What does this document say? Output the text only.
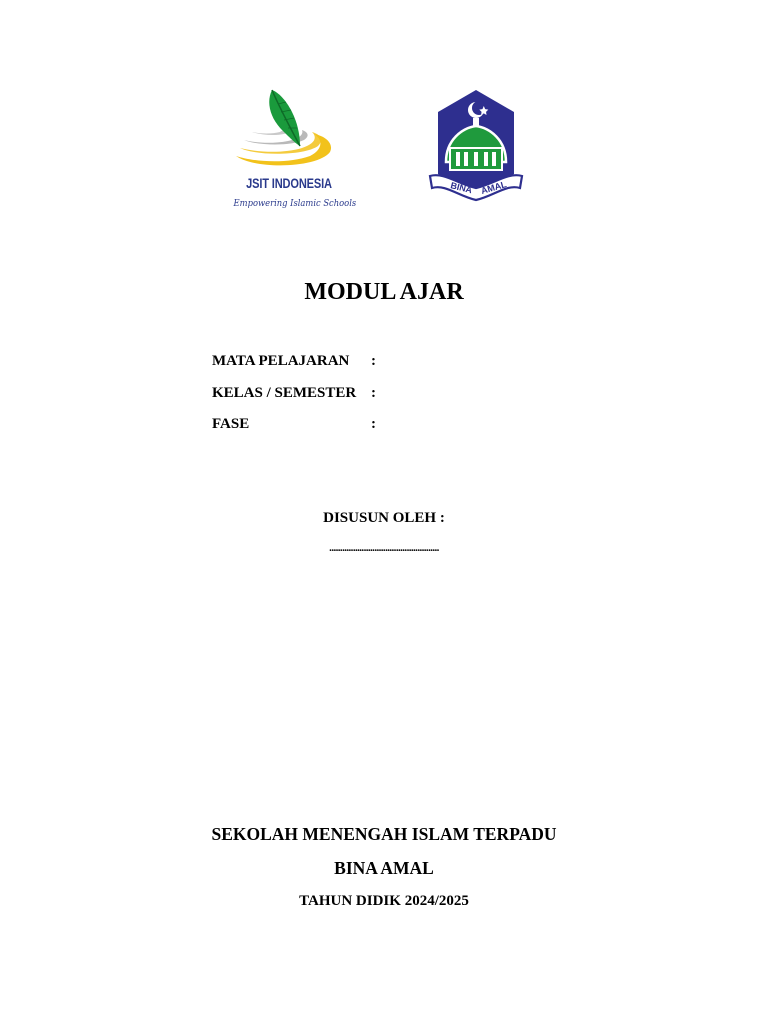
JSIT INDONESIA
Empowering Islamic Schools
BINA AMAL
MODUL AJAR
MATA PELAJARAN :
KELAS / SEMESTER :
FASE	:
DISUSUN OLEH :
...................................................
SEKOLAH MENENGAH ISLAM TERPADU
BINA AMAL
TAHUN DIDIK 2024/2025
